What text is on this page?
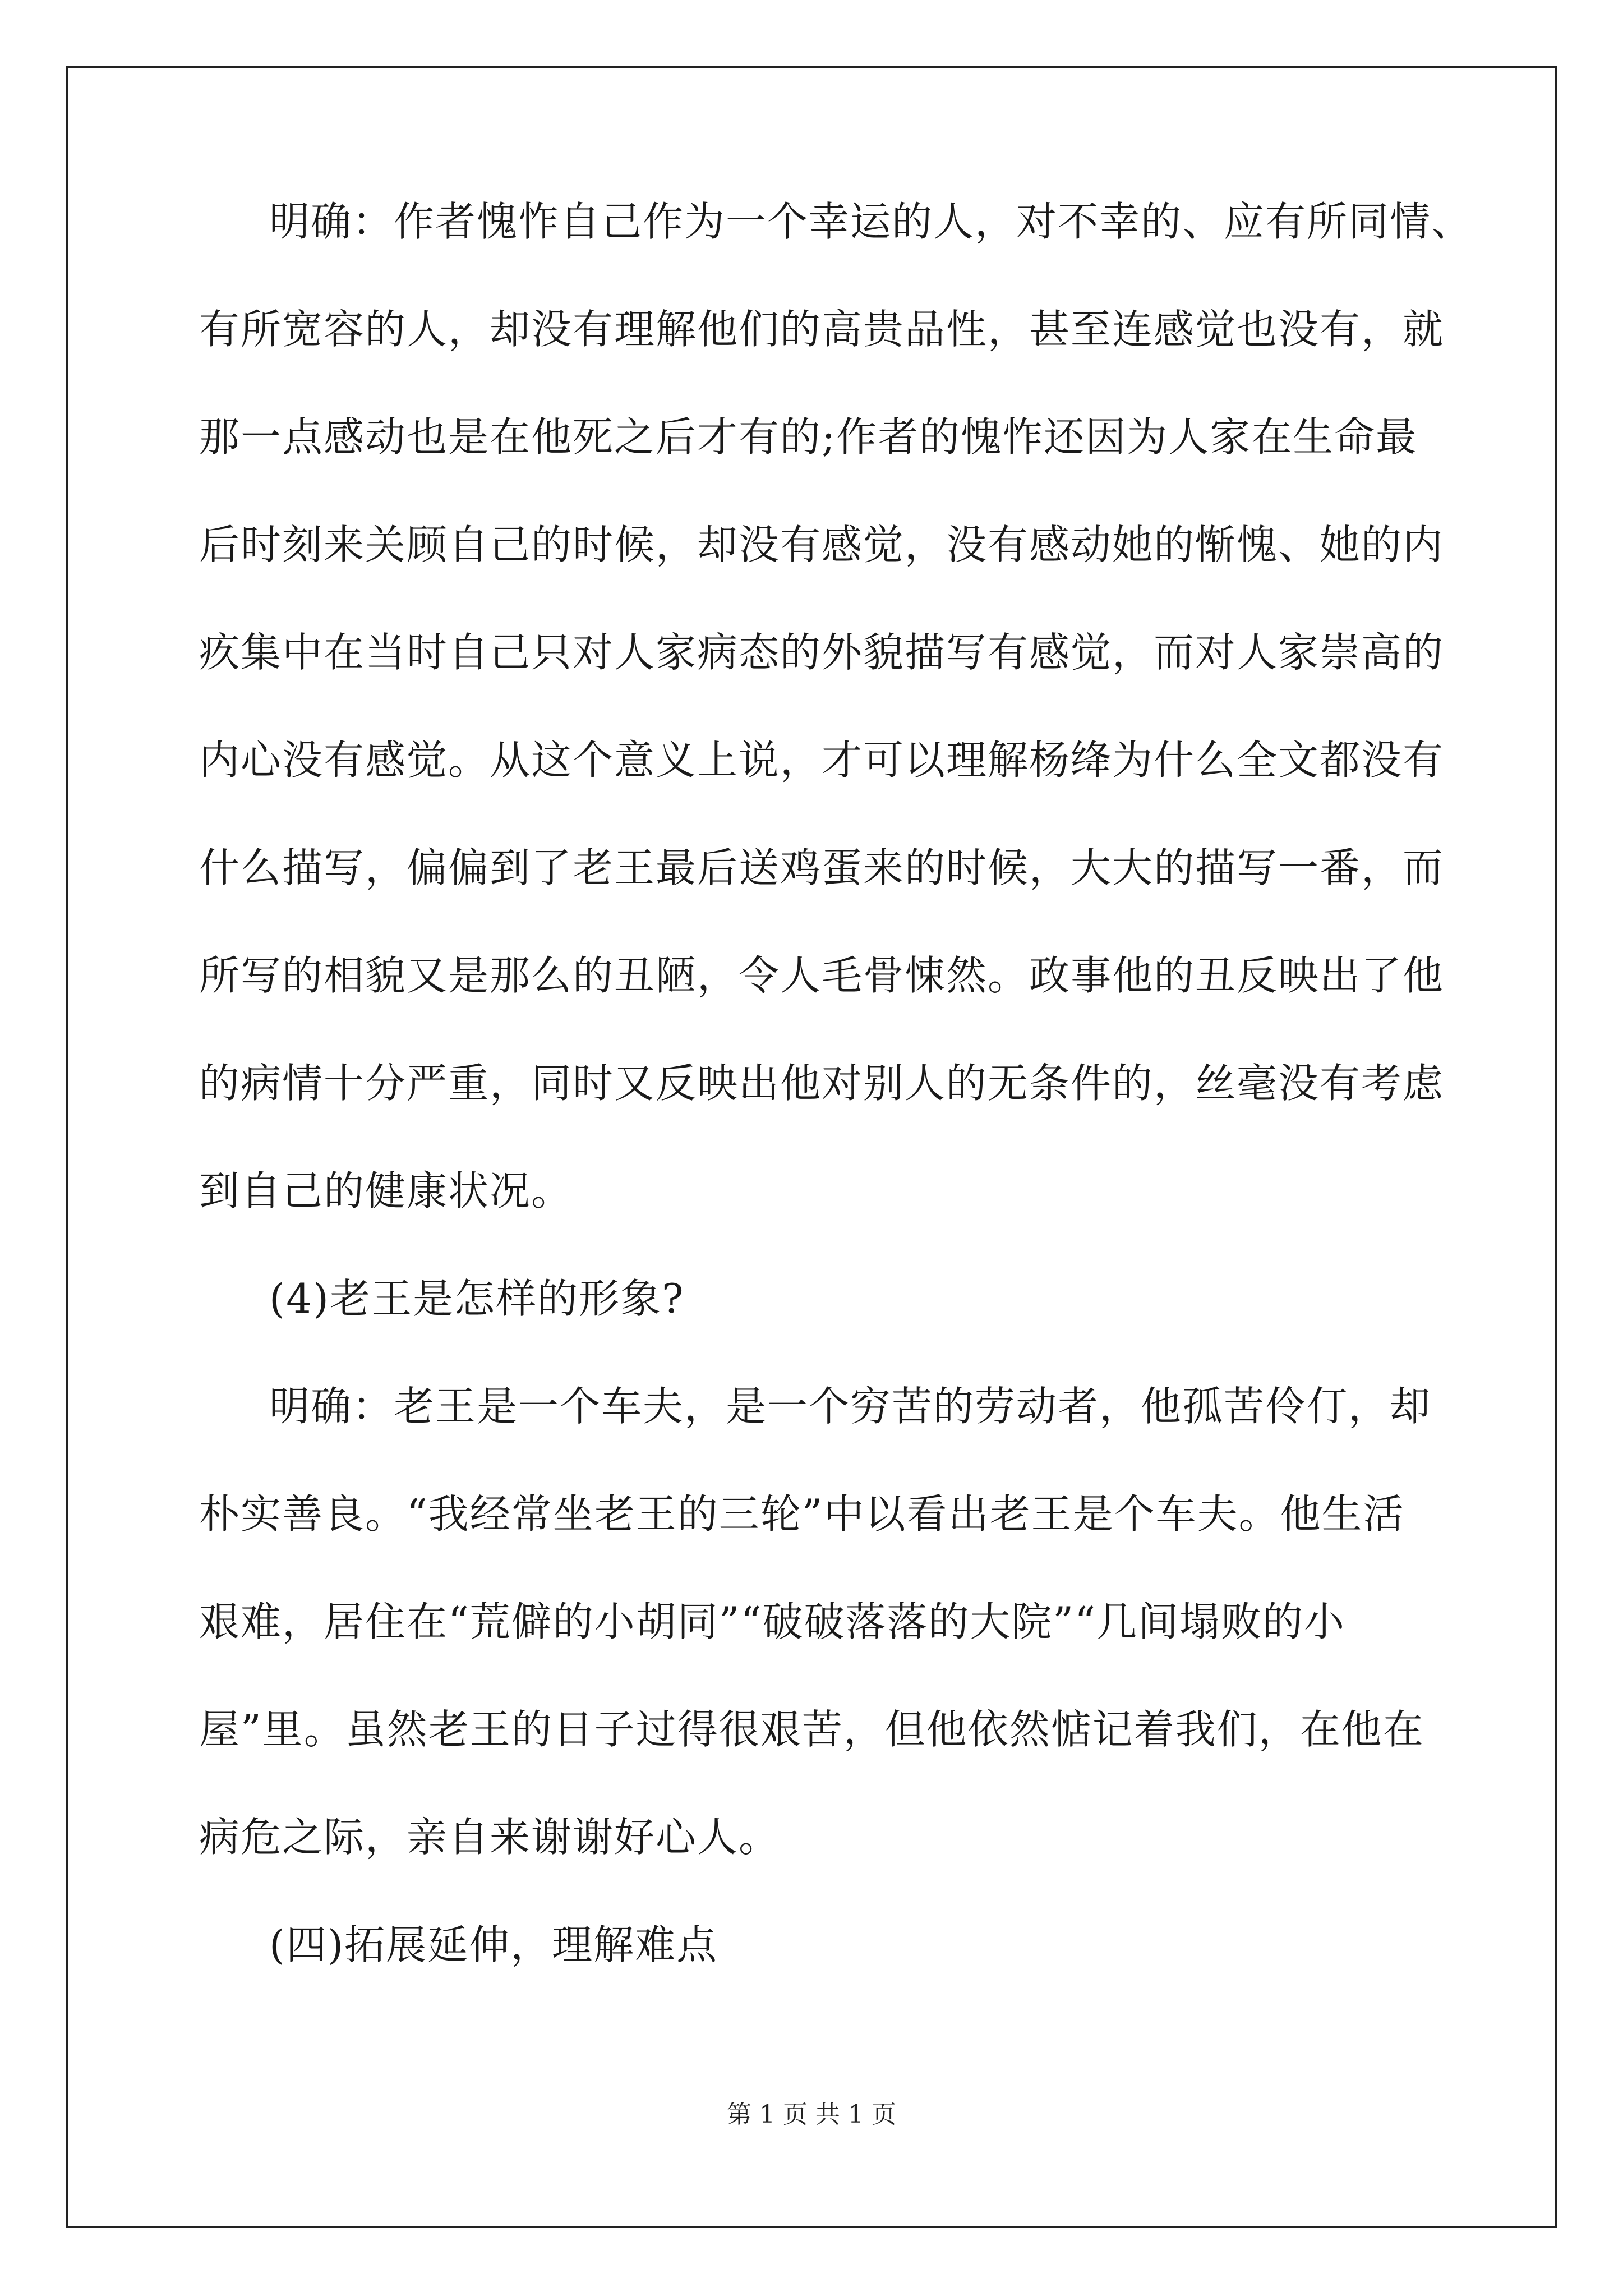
明确：作者愧怍自己作为一个幸运的人，对不幸的、应有所同情、
有所宽容的人，却没有理解他们的高贵品性，甚至连感觉也没有，就
那一点感动也是在他死之后才有的;作者的愧怍还因为人家在生命最
后时刻来关顾自己的时候，却没有感觉，没有感动她的惭愧、她的内
疚集中在当时自己只对人家病态的外貌描写有感觉，而对人家崇高的
内心没有感觉。从这个意义上说，才可以理解杨绛为什么全文都没有
什么描写，偏偏到了老王最后送鸡蛋来的时候，大大的描写一番，而
所写的相貌又是那么的丑陋，令人毛骨悚然。政事他的丑反映出了他
的病情十分严重，同时又反映出他对别人的无条件的，丝毫没有考虑
到自己的健康状况。
(4)老王是怎样的形象?
明确：老王是一个车夫，是一个穷苦的劳动者，他孤苦伶仃，却
朴实善良。“我经常坐老王的三轮”中以看出老王是个车夫。他生活
艰难，居住在“荒僻的小胡同”“破破落落的大院”“几间塌败的小
屋”里。虽然老王的日子过得很艰苦，但他依然惦记着我们，在他在
病危之际，亲自来谢谢好心人。
(四)拓展延伸，理解难点
第 1 页 共 1 页
